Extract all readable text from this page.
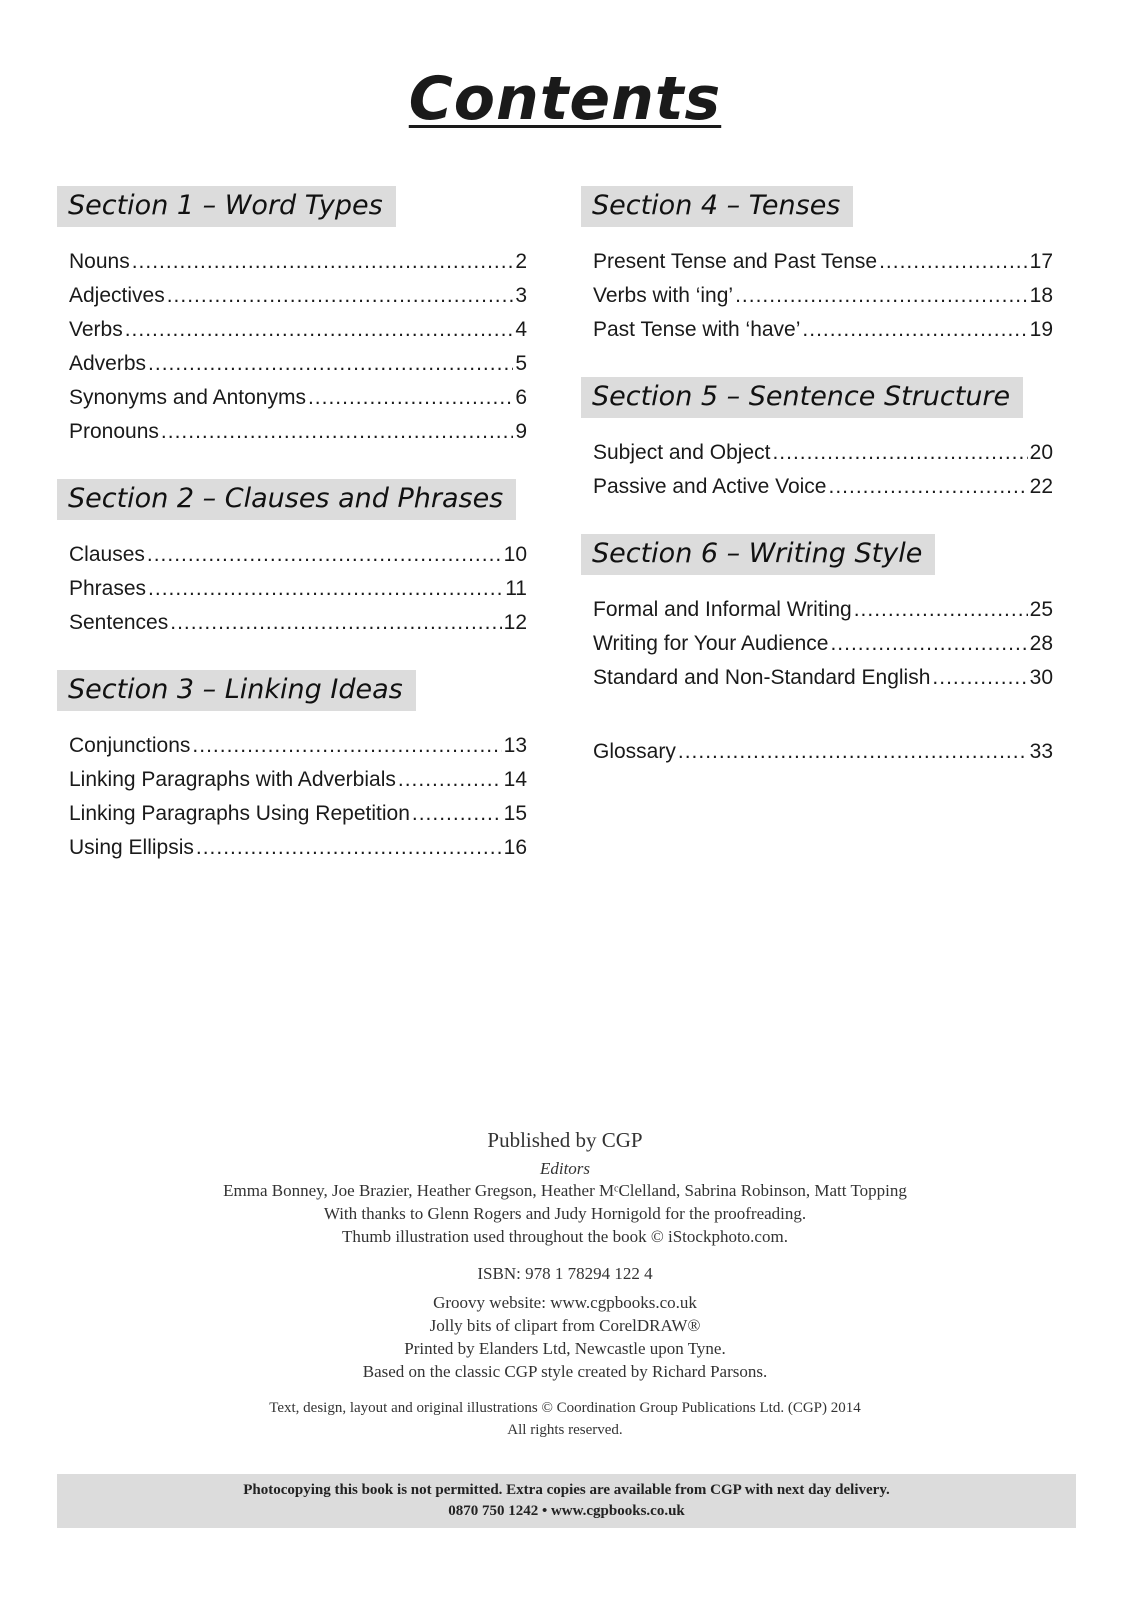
Contents
Section 1 – Word Types
Nouns .....	2
Adjectives .....	3
Verbs .....	4
Adverbs .....	5
Synonyms and Antonyms .....	6
Pronouns .....	9
Section 2 – Clauses and Phrases
Clauses .....	10
Phrases .....	11
Sentences .....	12
Section 3 – Linking Ideas
Conjunctions .....	13
Linking Paragraphs with Adverbials .....	14
Linking Paragraphs Using Repetition .....	15
Using Ellipsis .....	16
Section 4 – Tenses
Present Tense and Past Tense .....	17
Verbs with ‘ing’ .....	18
Past Tense with ‘have’ .....	19
Section 5 – Sentence Structure
Subject and Object .....	20
Passive and Active Voice .....	22
Section 6 – Writing Style
Formal and Informal Writing .....	25
Writing for Your Audience .....	28
Standard and Non-Standard English .....	30
Glossary .....	33
Published by CGP
Editors
Emma Bonney, Joe Brazier, Heather Gregson, Heather MᶜClelland, Sabrina Robinson, Matt Topping
With thanks to Glenn Rogers and Judy Hornigold for the proofreading.
Thumb illustration used throughout the book © iStockphoto.com.
ISBN: 978 1 78294 122 4
Groovy website: www.cgpbooks.co.uk
Jolly bits of clipart from CorelDRAW®
Printed by Elanders Ltd, Newcastle upon Tyne.
Based on the classic CGP style created by Richard Parsons.
Text, design, layout and original illustrations © Coordination Group Publications Ltd. (CGP) 2014
All rights reserved.
Photocopying this book is not permitted. Extra copies are available from CGP with next day delivery.
0870 750 1242 • www.cgpbooks.co.uk
